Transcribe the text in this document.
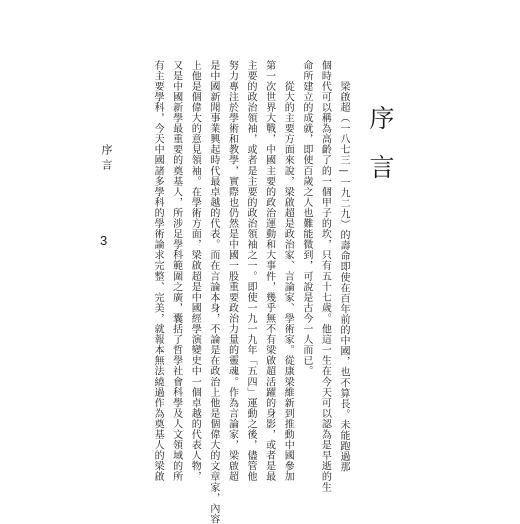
　　梁啟超（一八七三—一九二九）的壽命即使在百年前的中國，也不算長。未能跑過那
個時代可以稱為高齡了的一個甲子的坎，只有五十七歲。他這一生在今天可以認為是早逝的生
命所建立的成就，即使百歲之人也難能微到，可說是古今一人而已。
　　從大的主要方面來說，梁啟超是政治家、言論家、學術家。從康梁維新到推動中國參加
第一次世界大戰，中國主要的政治運動和大事件，幾乎無不有梁啟超活躍的身影，或者是最
主要的政治領袖，或者是主要的政治領袖之一。即使一九一九年「五四」運動之後，儘管他
努力專注於學術和教學，實際也仍然是中國一股重要政治力量的靈魂。作為言論家，梁啟超
是中國新聞事業興起時代最卓越的代表。而在言論本身，不論是在政治上他是個偉大的文章家，內容
上他是個偉大的意見領袖。在學術方面，梁啟超是中國經學演變史中一個卓越的代表人物，
又是中國新學最重要的奠基人，所涉足學科範圍之廣，囊括了哲學社會科學及人文領域的所
有主要學科，今天中國諸多學科的學術論求完整、完美，就報本無法繞過作為奠基人的梁啟	序言
序言
3
